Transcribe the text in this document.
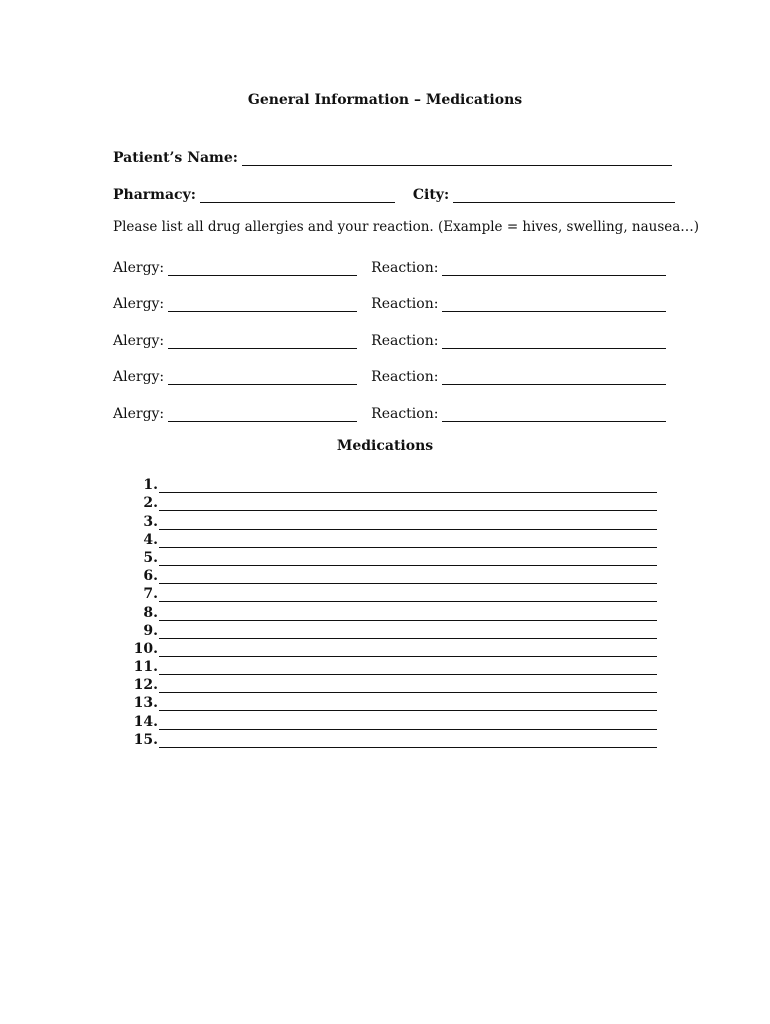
General Information – Medications
Patient’s Name:
Pharmacy:	City:
Please list all drug allergies and your reaction. (Example = hives, swelling, nausea…)
Alergy:	Reaction:
Alergy:	Reaction:
Alergy:	Reaction:
Alergy:	Reaction:
Alergy:	Reaction:
Medications
1.
2.
3.
4.
5.
6.
7.
8.
9.
10.
11.
12.
13.
14.
15.
